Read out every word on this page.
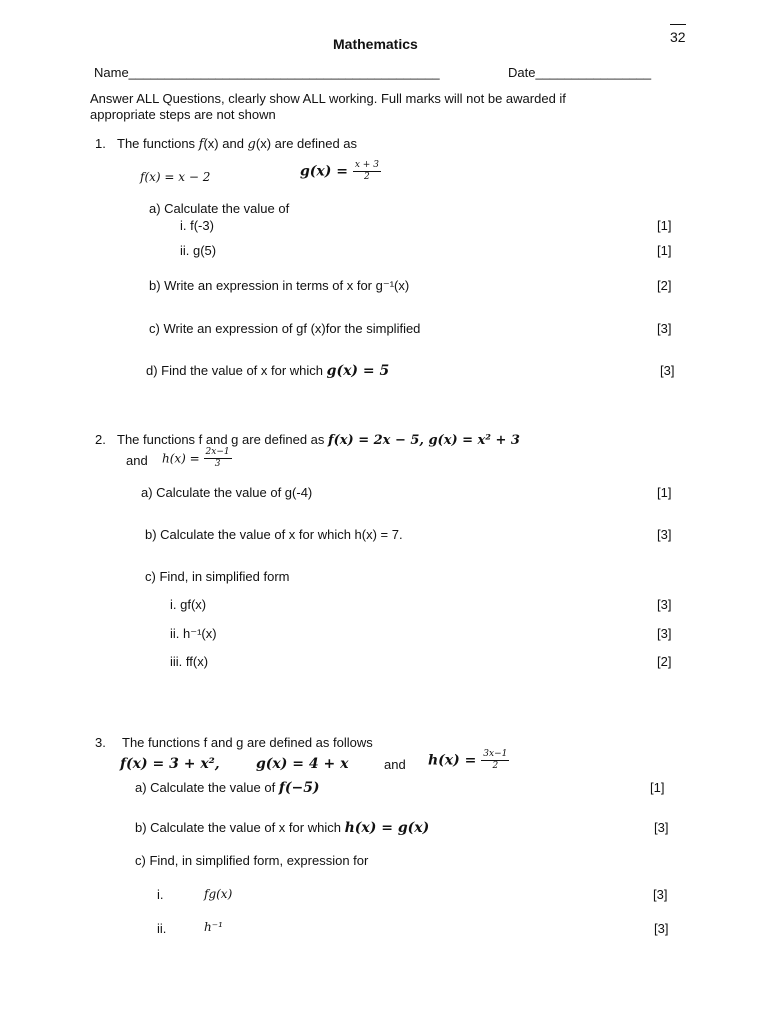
Mathematics	32
Name___________________________________________	Date________________
Answer ALL Questions, clearly show ALL working. Full marks will not be awarded if
appropriate steps are not shown
1. The functions f(x) and g(x) are defined as
f(x) = x − 2	$g(x) = \frac{x + 3}{2}$
a) Calculate the value of
i. f(-3)	[1]
ii. g(5)	[1]
b) Write an expression in terms of x for g⁻¹(x)	[2]
c) Write an expression of gf (x)for the simplified	[3]
d) Find the value of x for which g(x) = 5	[3]
2. The functions f and g are defined as f(x) = 2x − 5, g(x) = x² + 3
and $h(x) = \frac{2x-1}{3}$
a) Calculate the value of g(-4)	[1]
b) Calculate the value of x for which h(x) = 7.	[3]
c) Find, in simplified form
i. gf(x)	[3]
ii. h⁻¹(x)	[3]
iii. ff(x)	[2]
3. The functions f and g are defined as follows
f(x) = 3 + x²,	g(x) = 4 + x	and $h(x) = \frac{3x-1}{2}$
a) Calculate the value of f(−5)	[1]
b) Calculate the value of x for which h(x) = g(x)	[3]
c) Find, in simplified form, expression for
i.	fg(x)	[3]
ii.	h⁻¹	[3]
